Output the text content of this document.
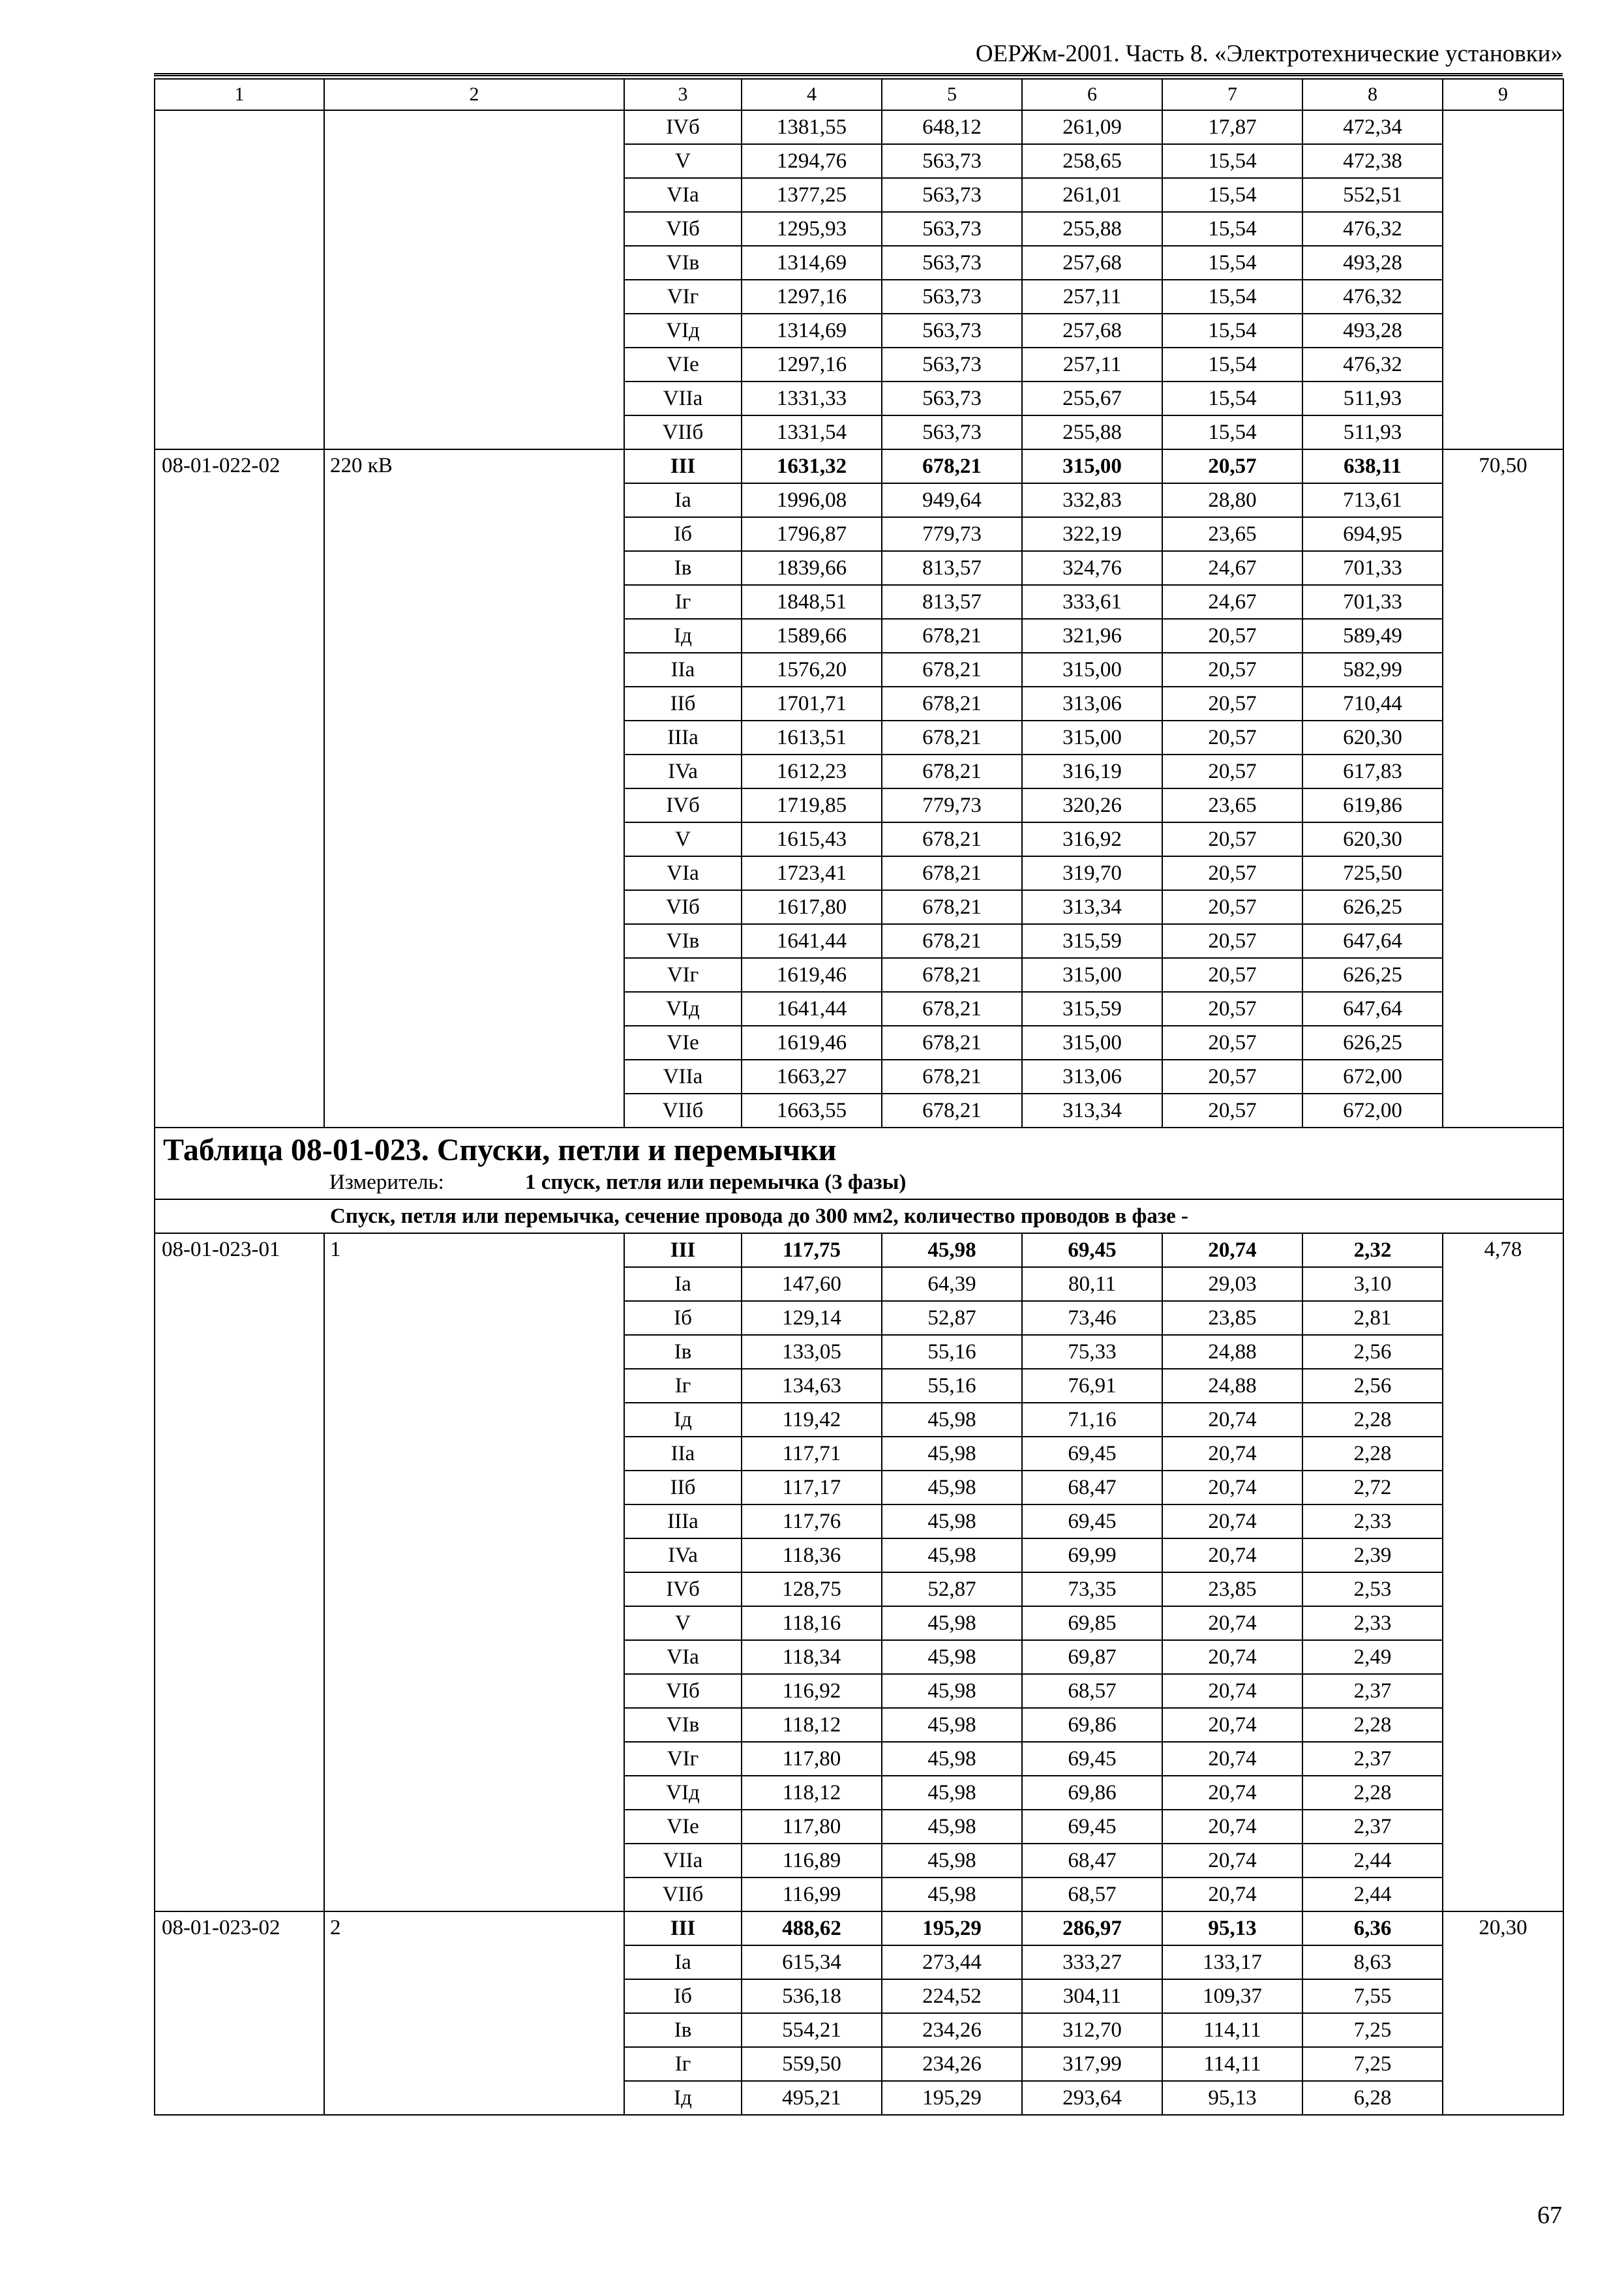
ОЕРЖм-2001. Часть 8. «Электротехнические установки»
1	2	3	4	5	6	7	8	9
		IVб	1381,55	648,12	261,09	17,87	472,34	
		V	1294,76	563,73	258,65	15,54	472,38	
		VIa	1377,25	563,73	261,01	15,54	552,51	
		VIб	1295,93	563,73	255,88	15,54	476,32	
		VIв	1314,69	563,73	257,68	15,54	493,28	
		VIг	1297,16	563,73	257,11	15,54	476,32	
		VIд	1314,69	563,73	257,68	15,54	493,28	
		VIe	1297,16	563,73	257,11	15,54	476,32	
		VIIa	1331,33	563,73	255,67	15,54	511,93	
		VIIб	1331,54	563,73	255,88	15,54	511,93	
08-01-022-02	220 кВ	III	1631,32	678,21	315,00	20,57	638,11	70,50
		Ia	1996,08	949,64	332,83	28,80	713,61	
		Iб	1796,87	779,73	322,19	23,65	694,95	
		Iв	1839,66	813,57	324,76	24,67	701,33	
		Iг	1848,51	813,57	333,61	24,67	701,33	
		Iд	1589,66	678,21	321,96	20,57	589,49	
		IIa	1576,20	678,21	315,00	20,57	582,99	
		IIб	1701,71	678,21	313,06	20,57	710,44	
		IIIa	1613,51	678,21	315,00	20,57	620,30	
		IVa	1612,23	678,21	316,19	20,57	617,83	
		IVб	1719,85	779,73	320,26	23,65	619,86	
		V	1615,43	678,21	316,92	20,57	620,30	
		VIa	1723,41	678,21	319,70	20,57	725,50	
		VIб	1617,80	678,21	313,34	20,57	626,25	
		VIв	1641,44	678,21	315,59	20,57	647,64	
		VIг	1619,46	678,21	315,00	20,57	626,25	
		VIд	1641,44	678,21	315,59	20,57	647,64	
		VIe	1619,46	678,21	315,00	20,57	626,25	
		VIIa	1663,27	678,21	313,06	20,57	672,00	
		VIIб	1663,55	678,21	313,34	20,57	672,00	

Таблица 08-01-023. Спуски, петли и перемычки
Измеритель: 1 спуск, петля или перемычка (3 фазы)								

Спуск, петля или перемычка, сечение провода до 300 мм2, количество проводов в фазе -								
08-01-023-01	1	III	117,75	45,98	69,45	20,74	2,32	4,78
		Ia	147,60	64,39	80,11	29,03	3,10	
		Iб	129,14	52,87	73,46	23,85	2,81	
		Iв	133,05	55,16	75,33	24,88	2,56	
		Iг	134,63	55,16	76,91	24,88	2,56	
		Iд	119,42	45,98	71,16	20,74	2,28	
		IIa	117,71	45,98	69,45	20,74	2,28	
		IIб	117,17	45,98	68,47	20,74	2,72	
		IIIa	117,76	45,98	69,45	20,74	2,33	
		IVa	118,36	45,98	69,99	20,74	2,39	
		IVб	128,75	52,87	73,35	23,85	2,53	
		V	118,16	45,98	69,85	20,74	2,33	
		VIa	118,34	45,98	69,87	20,74	2,49	
		VIб	116,92	45,98	68,57	20,74	2,37	
		VIв	118,12	45,98	69,86	20,74	2,28	
		VIг	117,80	45,98	69,45	20,74	2,37	
		VIд	118,12	45,98	69,86	20,74	2,28	
		VIe	117,80	45,98	69,45	20,74	2,37	
		VIIa	116,89	45,98	68,47	20,74	2,44	
		VIIб	116,99	45,98	68,57	20,74	2,44	
08-01-023-02	2	III	488,62	195,29	286,97	95,13	6,36	20,30
		Ia	615,34	273,44	333,27	133,17	8,63	
		Iб	536,18	224,52	304,11	109,37	7,55	
		Iв	554,21	234,26	312,70	114,11	7,25	
		Iг	559,50	234,26	317,99	114,11	7,25	
		Iд	495,21	195,29	293,64	95,13	6,28	
67
